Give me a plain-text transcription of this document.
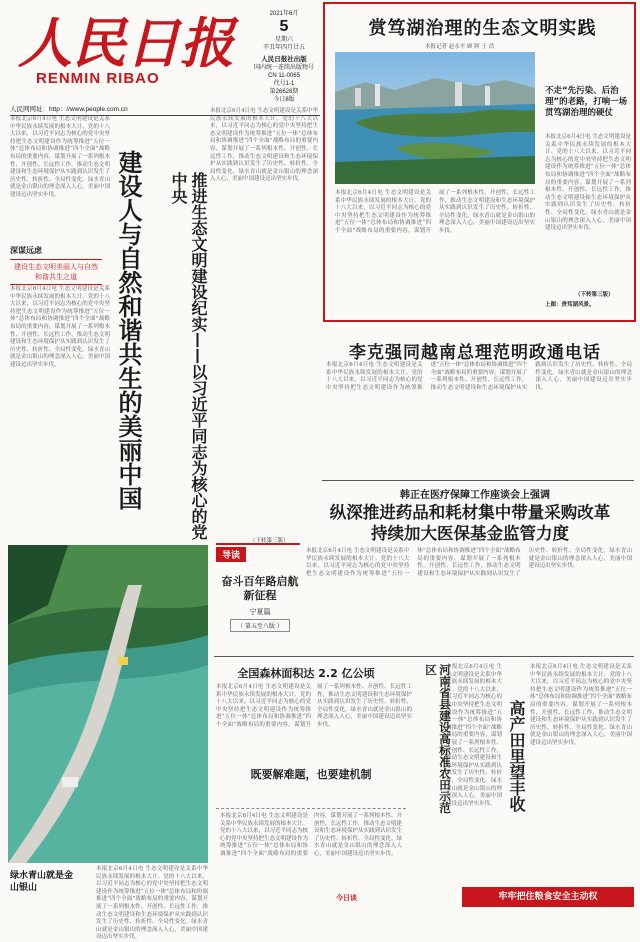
人民日报
RENMIN RIBAO
2021年6月
5
星期六
辛丑年四月廿五
人民日报社出版
国内统一连续出版物号
CN 11-0065
代号1-1
第26628期
今日8版
人民网网址：http：//www.people.com.cn
本报北京6月4日电 生态文明建设是关系中华民族永续发展的根本大计。党的十八大以来，以习近平同志为核心的党中央坚持把生态文明建设作为统筹推进“五位一体”总体布局和协调推进“四个全面”战略布局的重要内容，谋划开展了一系列根本性、开创性、长远性工作，推动生态文明建设和生态环境保护从实践到认识发生了历史性、转折性、全局性变化。绿水青山就是金山银山的理念深入人心，美丽中国建设迈出坚实步伐。
深谋远虑
建设生态文明美丽人与自然和谐共生之道
本报北京6月4日电 生态文明建设是关系中华民族永续发展的根本大计。党的十八大以来，以习近平同志为核心的党中央坚持把生态文明建设作为统筹推进“五位一体”总体布局和协调推进“四个全面”战略布局的重要内容，谋划开展了一系列根本性、开创性、长远性工作，推动生态文明建设和生态环境保护从实践到认识发生了历史性、转折性、全局性变化。绿水青山就是金山银山的理念深入人心，美丽中国建设迈出坚实步伐。	建设人与自然和谐共生的美丽中国	推进生态文明建设纪实——以习近平同志为核心的党中央
本报北京6月4日电 生态文明建设是关系中华民族永续发展的根本大计。党的十八大以来，以习近平同志为核心的党中央坚持把生态文明建设作为统筹推进“五位一体”总体布局和协调推进“四个全面”战略布局的重要内容，谋划开展了一系列根本性、开创性、长远性工作，推动生态文明建设和生态环境保护从实践到认识发生了历史性、转折性、全局性变化。绿水青山就是金山银山的理念深入人心，美丽中国建设迈出坚实步伐。
（下转第三版）
赏笃湖治理的生态文明实践
本报记者 赵永平 顾 阿 王 浩
不走“先污染、后治理”的老路，打响一场贯笃湖治理的硬仗
本报北京6月4日电 生态文明建设是关系中华民族永续发展的根本大计。党的十八大以来，以习近平同志为核心的党中央坚持把生态文明建设作为统筹推进“五位一体”总体布局和协调推进“四个全面”战略布局的重要内容，谋划开展了一系列根本性、开创性、长远性工作，推动生态文明建设和生态环境保护从实践到认识发生了历史性、转折性、全局性变化。绿水青山就是金山银山的理念深入人心，美丽中国建设迈出坚实步伐。
本报北京6月4日电 生态文明建设是关系中华民族永续发展的根本大计。党的十八大以来，以习近平同志为核心的党中央坚持把生态文明建设作为统筹推进“五位一体”总体布局和协调推进“四个全面”战略布局的重要内容，谋划开展了一系列根本性、开创性、长远性工作，推动生态文明建设和生态环境保护从实践到认识发生了历史性、转折性、全局性变化。绿水青山就是金山银山的理念深入人心，美丽中国建设迈出坚实步伐。
上图：贵笃湖风景。
（下转第三版）
李克强同越南总理范明政通电话
本报北京6月4日电 生态文明建设是关系中华民族永续发展的根本大计。党的十八大以来，以习近平同志为核心的党中央坚持把生态文明建设作为统筹推进“五位一体”总体布局和协调推进“四个全面”战略布局的重要内容，谋划开展了一系列根本性、开创性、长远性工作，推动生态文明建设和生态环境保护从实践到认识发生了历史性、转折性、全局性变化。绿水青山就是金山银山的理念深入人心，美丽中国建设迈出坚实步伐。
韩正在医疗保障工作座谈会上强调
纵深推进药品和耗材集中带量采购改革
持续加大医保基金监管力度
本报北京6月4日电 生态文明建设是关系中华民族永续发展的根本大计。党的十八大以来，以习近平同志为核心的党中央坚持把生态文明建设作为统筹推进“五位一体”总体布局和协调推进“四个全面”战略布局的重要内容，谋划开展了一系列根本性、开创性、长远性工作，推动生态文明建设和生态环境保护从实践到认识发生了历史性、转折性、全局性变化。绿水青山就是金山银山的理念深入人心，美丽中国建设迈出坚实步伐。
导读
奋斗百年路启航新征程
宁夏篇
（ 第五至八版 ）
绿水青山就是金山银山
本报北京6月4日电 生态文明建设是关系中华民族永续发展的根本大计。党的十八大以来，以习近平同志为核心的党中央坚持把生态文明建设作为统筹推进“五位一体”总体布局和协调推进“四个全面”战略布局的重要内容，谋划开展了一系列根本性、开创性、长远性工作，推动生态文明建设和生态环境保护从实践到认识发生了历史性、转折性、全局性变化。绿水青山就是金山银山的理念深入人心，美丽中国建设迈出坚实步伐。
全国森林面积达 2.2 亿公顷
本报北京6月4日电 生态文明建设是关系中华民族永续发展的根本大计。党的十八大以来，以习近平同志为核心的党中央坚持把生态文明建设作为统筹推进“五位一体”总体布局和协调推进“四个全面”战略布局的重要内容，谋划开展了一系列根本性、开创性、长远性工作，推动生态文明建设和生态环境保护从实践到认识发生了历史性、转折性、全局性变化。绿水青山就是金山银山的理念深入人心，美丽中国建设迈出坚实步伐。
既要解难题，也要建机制
本报北京6月4日电 生态文明建设是关系中华民族永续发展的根本大计。党的十八大以来，以习近平同志为核心的党中央坚持把生态文明建设作为统筹推进“五位一体”总体布局和协调推进“四个全面”战略布局的重要内容，谋划开展了一系列根本性、开创性、长远性工作，推动生态文明建设和生态环境保护从实践到认识发生了历史性、转折性、全局性变化。绿水青山就是金山银山的理念深入人心，美丽中国建设迈出坚实步伐。
今日谈
河南省县建设高标准农田示范区	本报北京6月4日电 生态文明建设是关系中华民族永续发展的根本大计。党的十八大以来，以习近平同志为核心的党中央坚持把生态文明建设作为统筹推进“五位一体”总体布局和协调推进“四个全面”战略布局的重要内容，谋划开展了一系列根本性、开创性、长远性工作，推动生态文明建设和生态环境保护从实践到认识发生了历史性、转折性、全局性变化。绿水青山就是金山银山的理念深入人心，美丽中国建设迈出坚实步伐。 高产田里望丰收
本报北京6月4日电 生态文明建设是关系中华民族永续发展的根本大计。党的十八大以来，以习近平同志为核心的党中央坚持把生态文明建设作为统筹推进“五位一体”总体布局和协调推进“四个全面”战略布局的重要内容，谋划开展了一系列根本性、开创性、长远性工作，推动生态文明建设和生态环境保护从实践到认识发生了历史性、转折性、全局性变化。绿水青山就是金山银山的理念深入人心，美丽中国建设迈出坚实步伐。
牢牢把住粮食安全主动权
